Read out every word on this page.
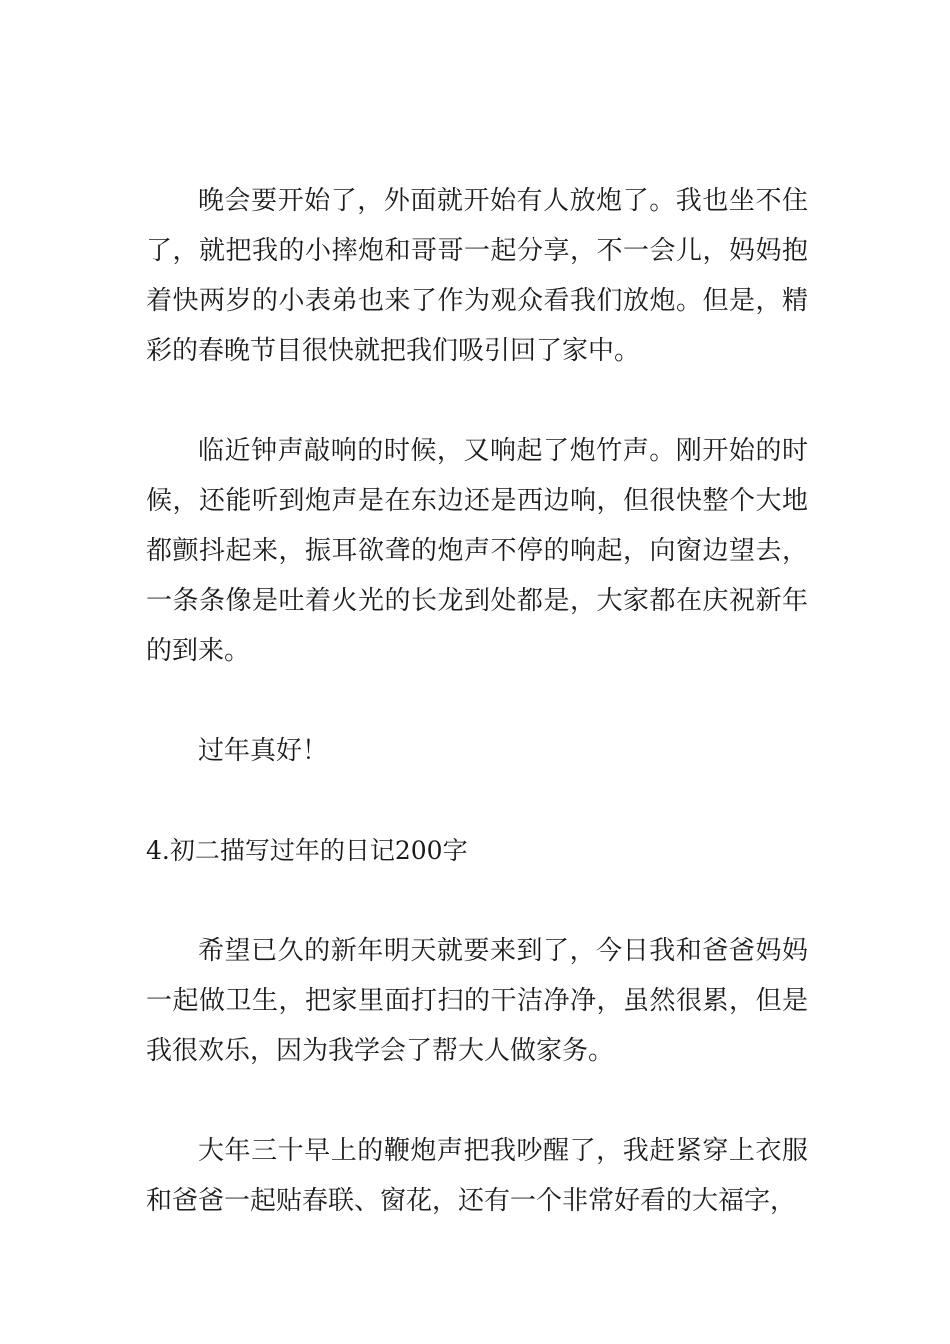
晚会要开始了，外面就开始有人放炮了。我也坐不住了，就把我的小摔炮和哥哥一起分享，不一会儿，妈妈抱着快两岁的小表弟也来了作为观众看我们放炮。但是，精彩的春晚节目很快就把我们吸引回了家中。

临近钟声敲响的时候，又响起了炮竹声。刚开始的时候，还能听到炮声是在东边还是西边响，但很快整个大地都颤抖起来，振耳欲聋的炮声不停的响起，向窗边望去，一条条像是吐着火光的长龙到处都是，大家都在庆祝新年的到来。

过年真好！

4.初二描写过年的日记200字

希望已久的新年明天就要来到了，今日我和爸爸妈妈一起做卫生，把家里面打扫的干洁净净，虽然很累，但是我很欢乐，因为我学会了帮大人做家务。

大年三十早上的鞭炮声把我吵醒了，我赶紧穿上衣服和爸爸一起贴春联、窗花，还有一个非常好看的大福字，
